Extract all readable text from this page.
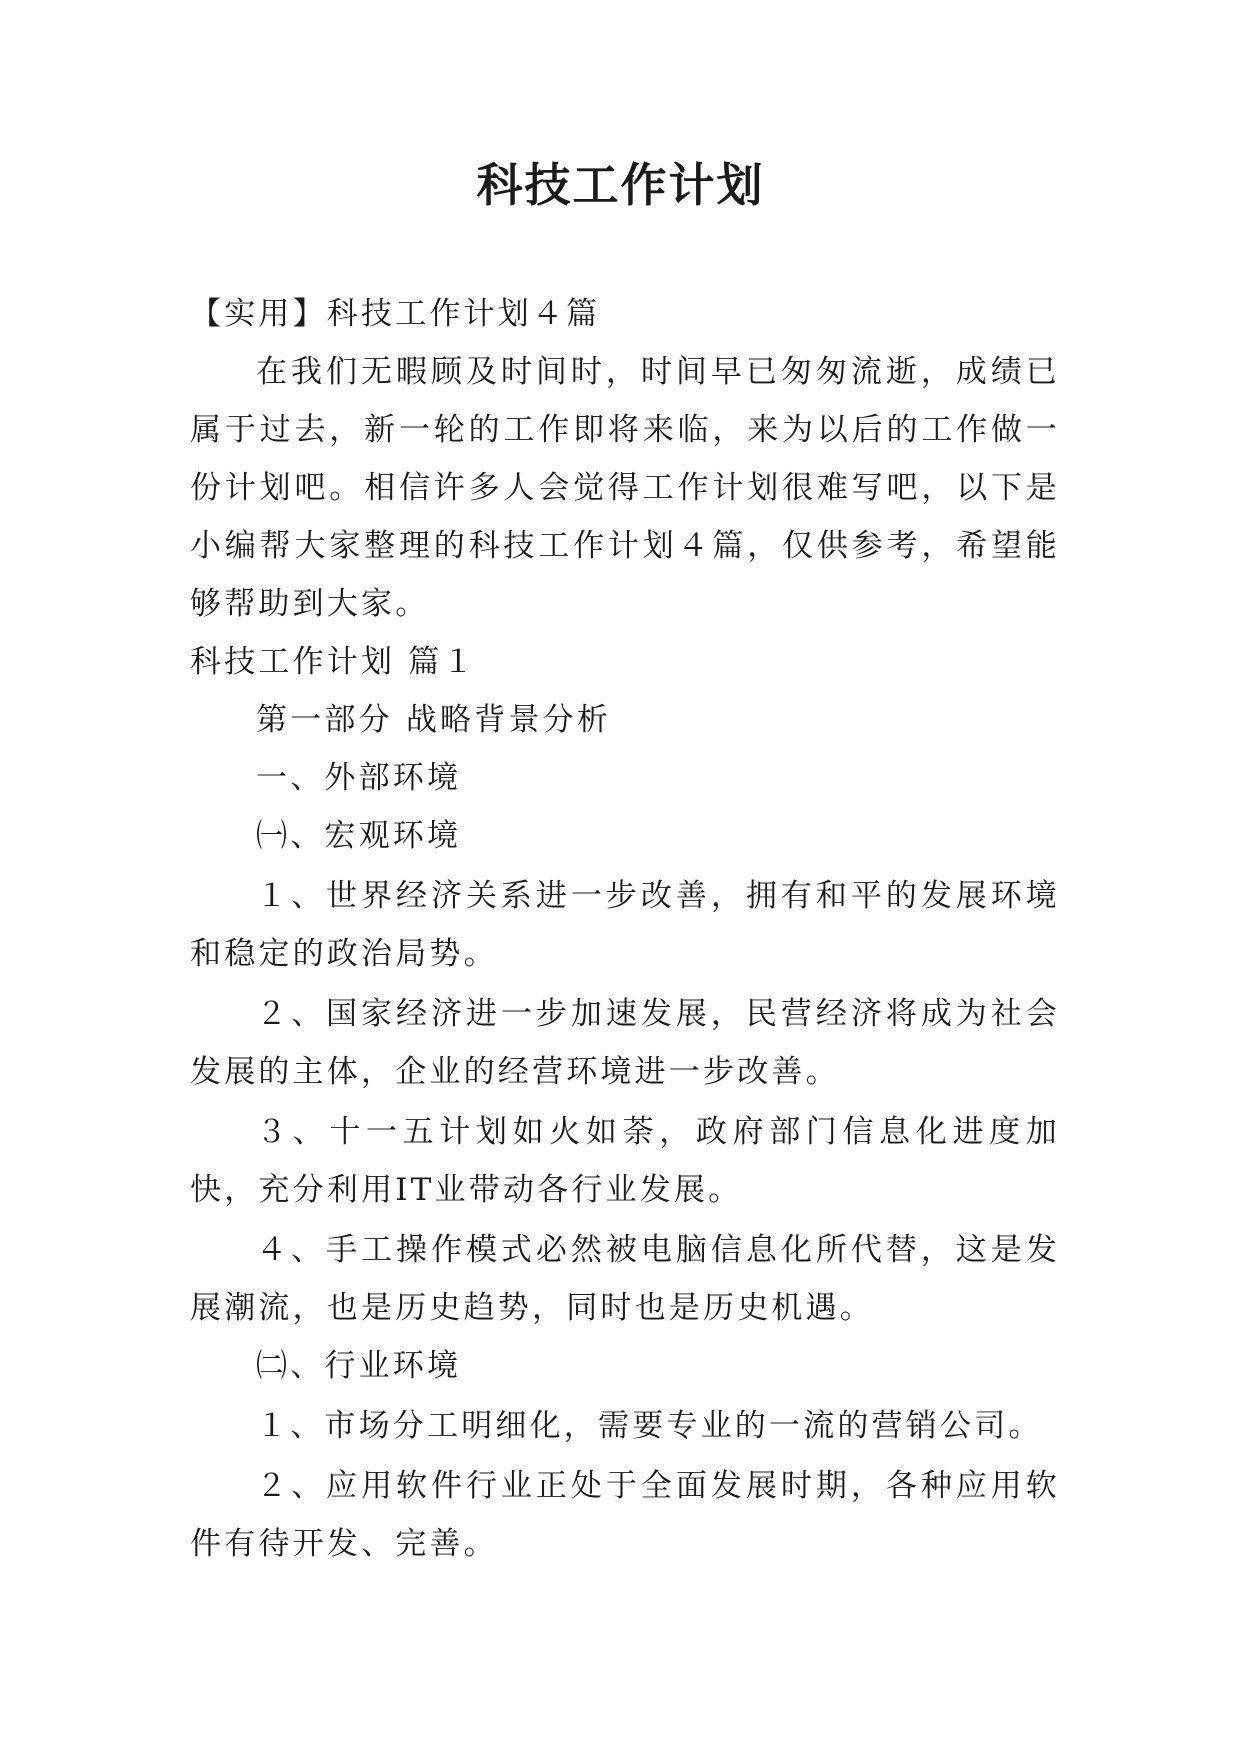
科技工作计划

【实用】科技工作计划４篇

在我们无暇顾及时间时，时间早已匆匆流逝，成绩已属于过去，新一轮的工作即将来临，来为以后的工作做一份计划吧。相信许多人会觉得工作计划很难写吧，以下是小编帮大家整理的科技工作计划４篇，仅供参考，希望能够帮助到大家。

科技工作计划 篇１

第一部分 战略背景分析

一、外部环境

㈠、宏观环境

１、世界经济关系进一步改善，拥有和平的发展环境和稳定的政治局势。

２、国家经济进一步加速发展，民营经济将成为社会发展的主体，企业的经营环境进一步改善。

３、十一五计划如火如荼，政府部门信息化进度加快，充分利用IT业带动各行业发展。

４、手工操作模式必然被电脑信息化所代替，这是发展潮流，也是历史趋势，同时也是历史机遇。

㈡、行业环境

１、市场分工明细化，需要专业的一流的营销公司。

２、应用软件行业正处于全面发展时期，各种应用软件有待开发、完善。
